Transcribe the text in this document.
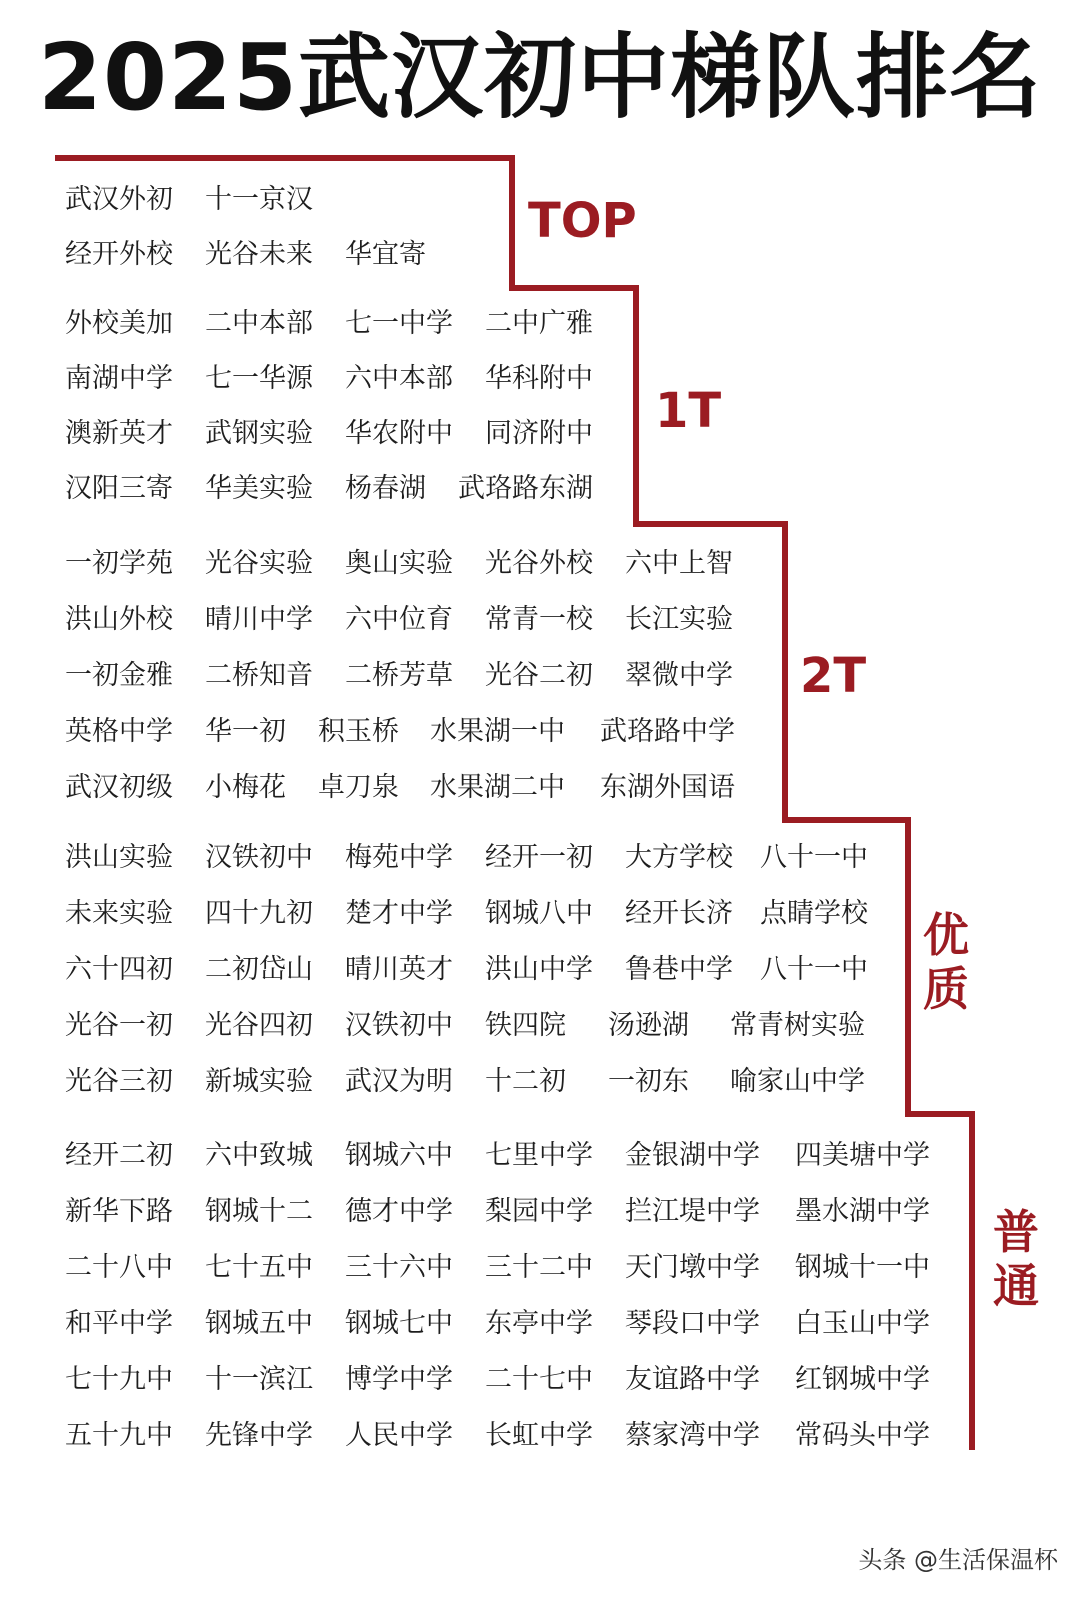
2025武汉初中梯队排名
TOP
1T
2T
优质
普通
武汉外初 十一京汉
经开外校 光谷未来 华宜寄
外校美加 二中本部 七一中学 二中广雅
南湖中学 七一华源 六中本部 华科附中
澳新英才 武钢实验 华农附中 同济附中
汉阳三寄 华美实验 杨春湖 武珞路东湖
一初学苑 光谷实验 奥山实验 光谷外校 六中上智
洪山外校 晴川中学 六中位育 常青一校 长江实验
一初金雅 二桥知音 二桥芳草 光谷二初 翠微中学
英格中学 华一初 积玉桥 水果湖一中 武珞路中学
武汉初级 小梅花 卓刀泉 水果湖二中 东湖外国语
洪山实验 汉铁初中 梅苑中学 经开一初 大方学校 八十一中
未来实验 四十九初 楚才中学 钢城八中 经开长济 点睛学校
六十四初 二初岱山 晴川英才 洪山中学 鲁巷中学 八十一中
光谷一初 光谷四初 汉铁初中 铁四院 汤逊湖 常青树实验
光谷三初 新城实验 武汉为明 十二初 一初东 喻家山中学
经开二初 六中致城 钢城六中 七里中学 金银湖中学 四美塘中学
新华下路 钢城十二 德才中学 梨园中学 拦江堤中学 墨水湖中学
二十八中 七十五中 三十六中 三十二中 天门墩中学 钢城十一中
和平中学 钢城五中 钢城七中 东亭中学 琴段口中学 白玉山中学
七十九中 十一滨江 博学中学 二十七中 友谊路中学 红钢城中学
五十九中 先锋中学 人民中学 长虹中学 蔡家湾中学 常码头中学
头条 @生活保温杯
